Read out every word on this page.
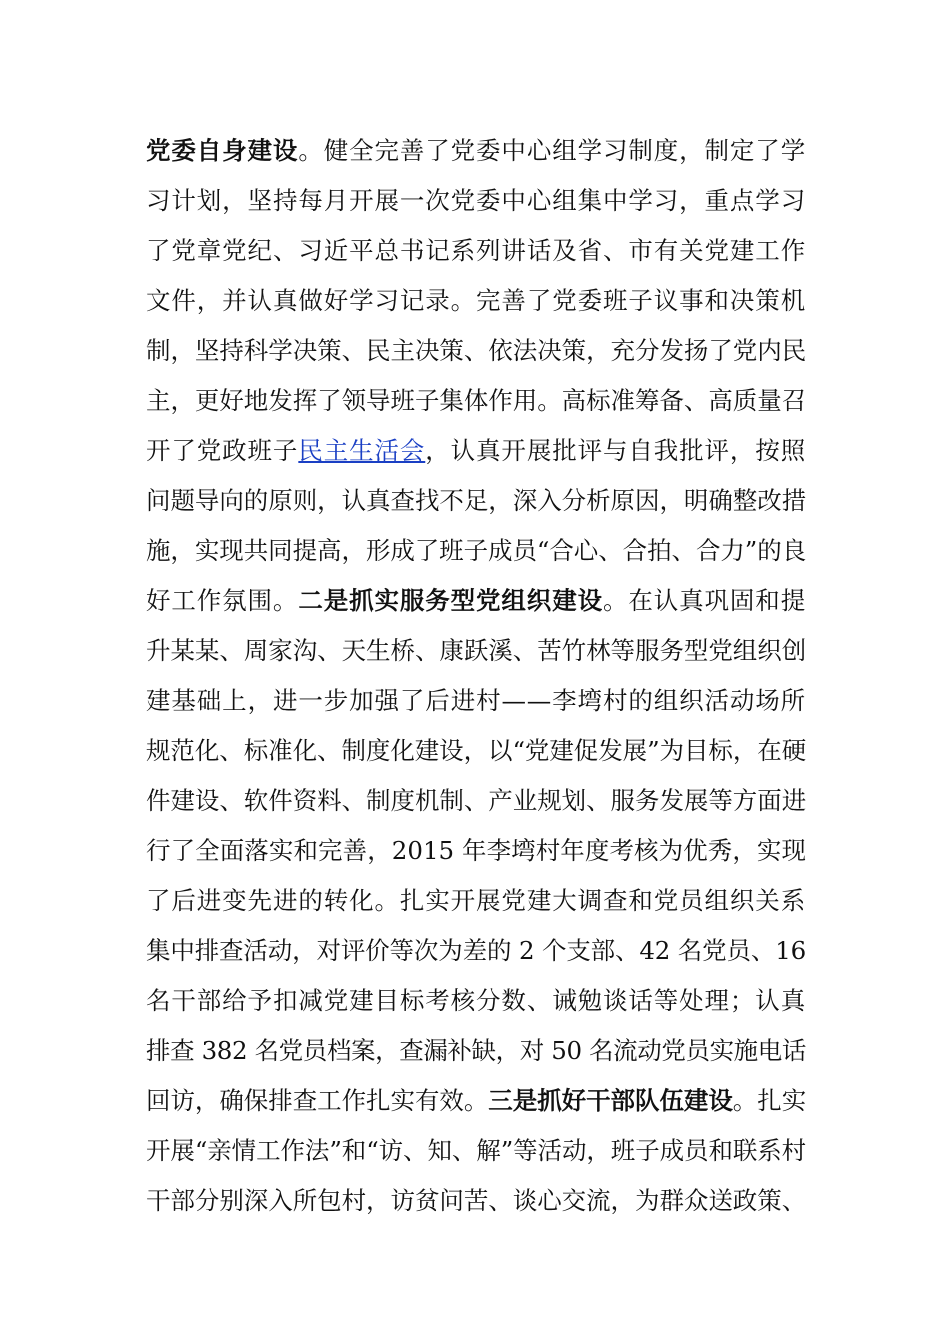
党委自身建设。健全完善了党委中心组学习制度，制定了学
习计划，坚持每月开展一次党委中心组集中学习，重点学习
了党章党纪、习近平总书记系列讲话及省、市有关党建工作
文件，并认真做好学习记录。完善了党委班子议事和决策机
制，坚持科学决策、民主决策、依法决策，充分发扬了党内民
主，更好地发挥了领导班子集体作用。高标准筹备、高质量召
开了党政班子民主生活会，认真开展批评与自我批评，按照
问题导向的原则，认真查找不足，深入分析原因，明确整改措
施，实现共同提高，形成了班子成员“合心、合拍、合力”的良
好工作氛围。二是抓实服务型党组织建设。在认真巩固和提
升某某、周家沟、天生桥、康跃溪、苦竹林等服务型党组织创
建基础上，进一步加强了后进村——李塆村的组织活动场所
规范化、标准化、制度化建设，以“党建促发展”为目标，在硬
件建设、软件资料、制度机制、产业规划、服务发展等方面进
行了全面落实和完善，2015 年李塆村年度考核为优秀，实现
了后进变先进的转化。扎实开展党建大调查和党员组织关系
集中排查活动，对评价等次为差的 2 个支部、42 名党员、16
名干部给予扣减党建目标考核分数、诫勉谈话等处理；认真
排查 382 名党员档案，查漏补缺，对 50 名流动党员实施电话
回访，确保排查工作扎实有效。三是抓好干部队伍建设。扎实
开展“亲情工作法”和“访、知、解”等活动，班子成员和联系村
干部分别深入所包村，访贫问苦、谈心交流，为群众送政策、
